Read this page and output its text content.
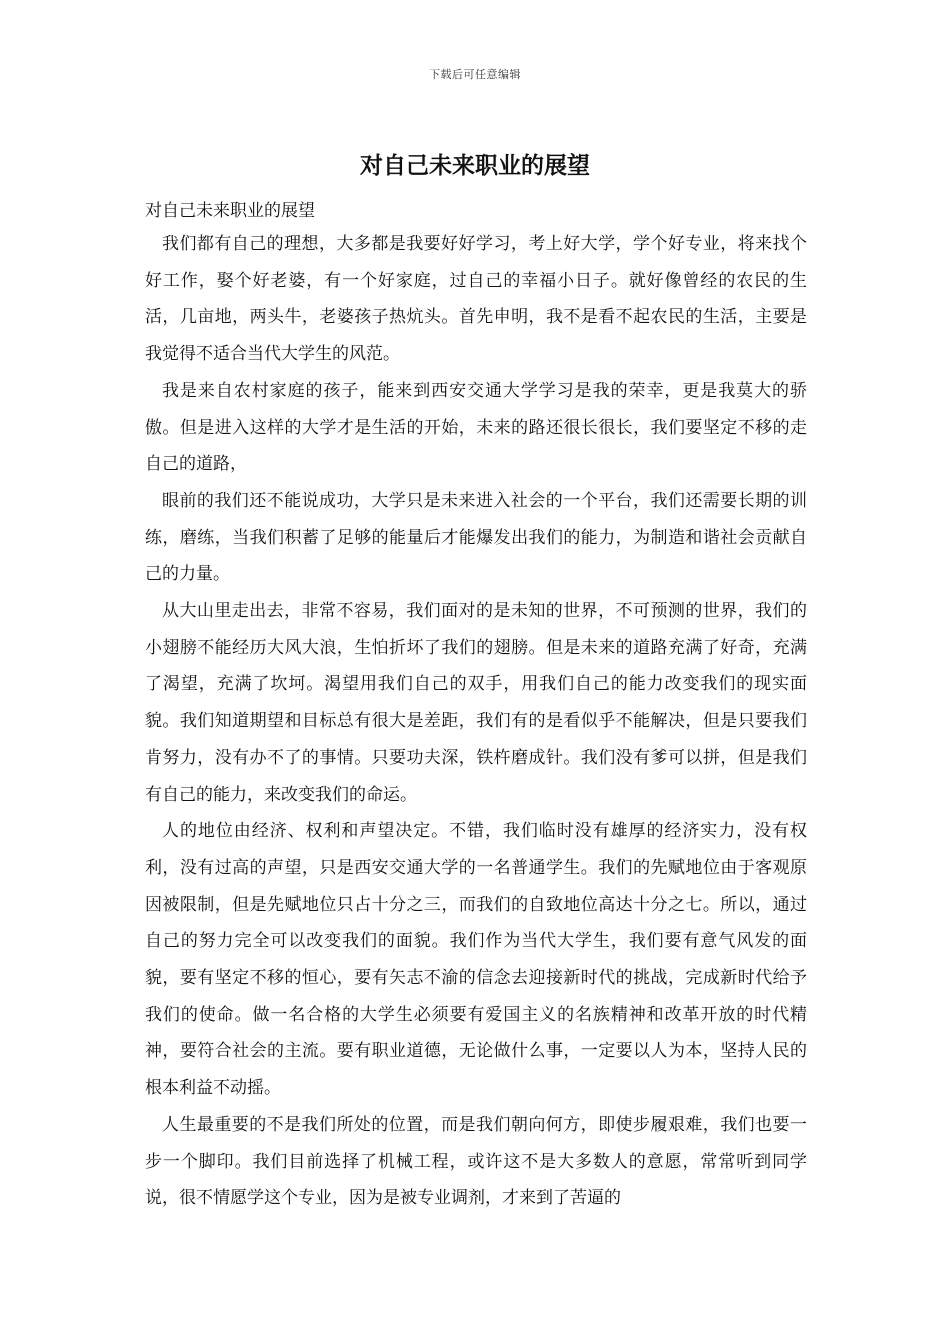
下载后可任意编辑
对自己未来职业的展望

对自己未来职业的展望

我们都有自己的理想，大多都是我要好好学习，考上好大学，学个好专业，将来找个好工作，娶个好老婆，有一个好家庭，过自己的幸福小日子。就好像曾经的农民的生活，几亩地，两头牛，老婆孩子热炕头。首先申明，我不是看不起农民的生活，主要是我觉得不适合当代大学生的风范。

我是来自农村家庭的孩子，能来到西安交通大学学习是我的荣幸，更是我莫大的骄傲。但是进入这样的大学才是生活的开始，未来的路还很长很长，我们要坚定不移的走自己的道路，

眼前的我们还不能说成功，大学只是未来进入社会的一个平台，我们还需要长期的训练，磨练，当我们积蓄了足够的能量后才能爆发出我们的能力，为制造和谐社会贡献自己的力量。

从大山里走出去，非常不容易，我们面对的是未知的世界，不可预测的世界，我们的小翅膀不能经历大风大浪，生怕折坏了我们的翅膀。但是未来的道路充满了好奇，充满了渴望，充满了坎坷。渴望用我们自己的双手，用我们自己的能力改变我们的现实面貌。我们知道期望和目标总有很大是差距，我们有的是看似乎不能解决，但是只要我们肯努力，没有办不了的事情。只要功夫深，铁杵磨成针。我们没有爹可以拼，但是我们有自己的能力，来改变我们的命运。

人的地位由经济、权利和声望决定。不错，我们临时没有雄厚的经济实力，没有权利，没有过高的声望，只是西安交通大学的一名普通学生。我们的先赋地位由于客观原因被限制，但是先赋地位只占十分之三，而我们的自致地位高达十分之七。所以，通过自己的努力完全可以改变我们的面貌。我们作为当代大学生，我们要有意气风发的面貌，要有坚定不移的恒心，要有矢志不渝的信念去迎接新时代的挑战，完成新时代给予我们的使命。做一名合格的大学生必须要有爱国主义的名族精神和改革开放的时代精神，要符合社会的主流。要有职业道德，无论做什么事，一定要以人为本，坚持人民的根本利益不动摇。

人生最重要的不是我们所处的位置，而是我们朝向何方，即使步履艰难，我们也要一步一个脚印。我们目前选择了机械工程，或许这不是大多数人的意愿，常常听到同学说，很不情愿学这个专业，因为是被专业调剂，才来到了苦逼的
